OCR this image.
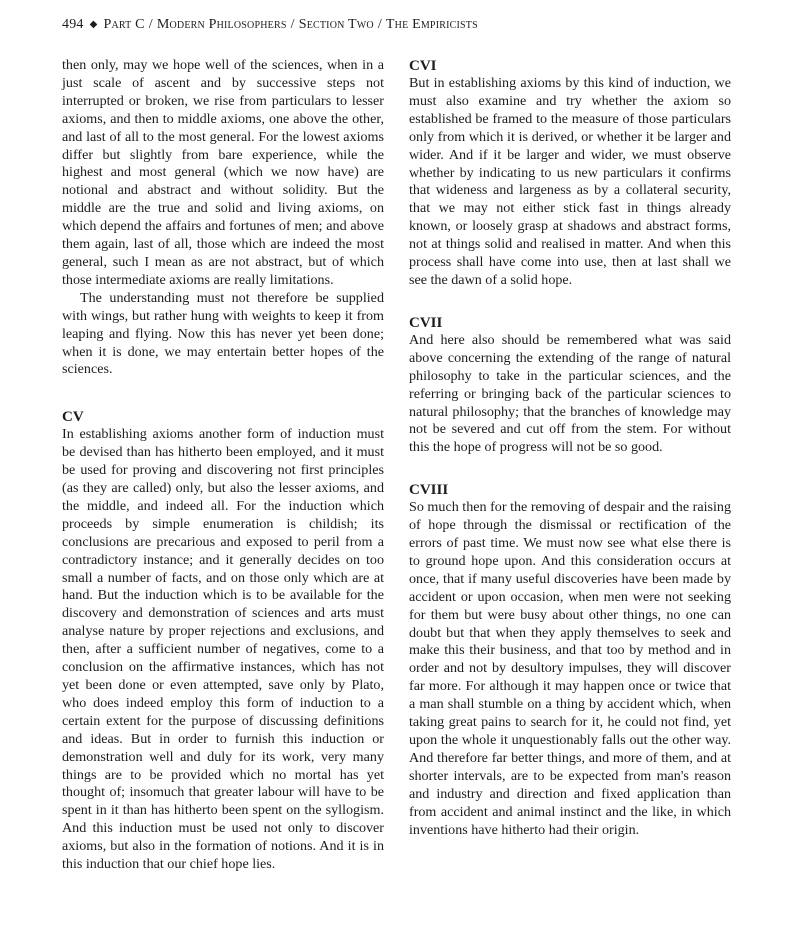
494 ◆ Part C / Modern Philosophers / Section Two / The Empiricists

then only, may we hope well of the sciences, when in a just scale of ascent and by successive steps not interrupted or broken, we rise from particulars to lesser axioms, and then to middle axioms, one above the other, and last of all to the most general. For the lowest axioms differ but slightly from bare experience, while the highest and most general (which we now have) are notional and abstract and without solidity. But the middle are the true and solid and living axioms, on which depend the affairs and fortunes of men; and above them again, last of all, those which are indeed the most general, such I mean as are not abstract, but of which those intermediate axioms are really limitations.

The understanding must not therefore be supplied with wings, but rather hung with weights to keep it from leaping and flying. Now this has never yet been done; when it is done, we may entertain better hopes of the sciences.

CV

In establishing axioms another form of induction must be devised than has hitherto been employed, and it must be used for proving and discovering not first principles (as they are called) only, but also the lesser axioms, and the middle, and indeed all. For the induction which proceeds by simple enumeration is childish; its conclusions are precarious and exposed to peril from a contradictory instance; and it generally decides on too small a number of facts, and on those only which are at hand. But the induction which is to be available for the discovery and demonstration of sciences and arts must analyse nature by proper rejections and exclusions, and then, after a sufficient number of negatives, come to a conclusion on the affirmative instances, which has not yet been done or even attempted, save only by Plato, who does indeed employ this form of induction to a certain extent for the purpose of discussing definitions and ideas. But in order to furnish this induction or demonstration well and duly for its work, very many things are to be provided which no mortal has yet thought of; insomuch that greater labour will have to be spent in it than has hitherto been spent on the syllogism. And this induction must be used not only to discover axioms, but also in the formation of notions. And it is in this induction that our chief hope lies.

CVI

But in establishing axioms by this kind of induction, we must also examine and try whether the axiom so established be framed to the measure of those particulars only from which it is derived, or whether it be larger and wider. And if it be larger and wider, we must observe whether by indicating to us new particulars it confirms that wideness and largeness as by a collateral security, that we may not either stick fast in things already known, or loosely grasp at shadows and abstract forms, not at things solid and realised in matter. And when this process shall have come into use, then at last shall we see the dawn of a solid hope.

CVII

And here also should be remembered what was said above concerning the extending of the range of natural philosophy to take in the particular sciences, and the referring or bringing back of the particular sciences to natural philosophy; that the branches of knowledge may not be severed and cut off from the stem. For without this the hope of progress will not be so good.

CVIII

So much then for the removing of despair and the raising of hope through the dismissal or rectification of the errors of past time. We must now see what else there is to ground hope upon. And this consideration occurs at once, that if many useful discoveries have been made by accident or upon occasion, when men were not seeking for them but were busy about other things, no one can doubt but that when they apply themselves to seek and make this their business, and that too by method and in order and not by desultory impulses, they will discover far more. For although it may happen once or twice that a man shall stumble on a thing by accident which, when taking great pains to search for it, he could not find, yet upon the whole it unquestionably falls out the other way. And therefore far better things, and more of them, and at shorter intervals, are to be expected from man's reason and industry and direction and fixed application than from accident and animal instinct and the like, in which inventions have hitherto had their origin.
